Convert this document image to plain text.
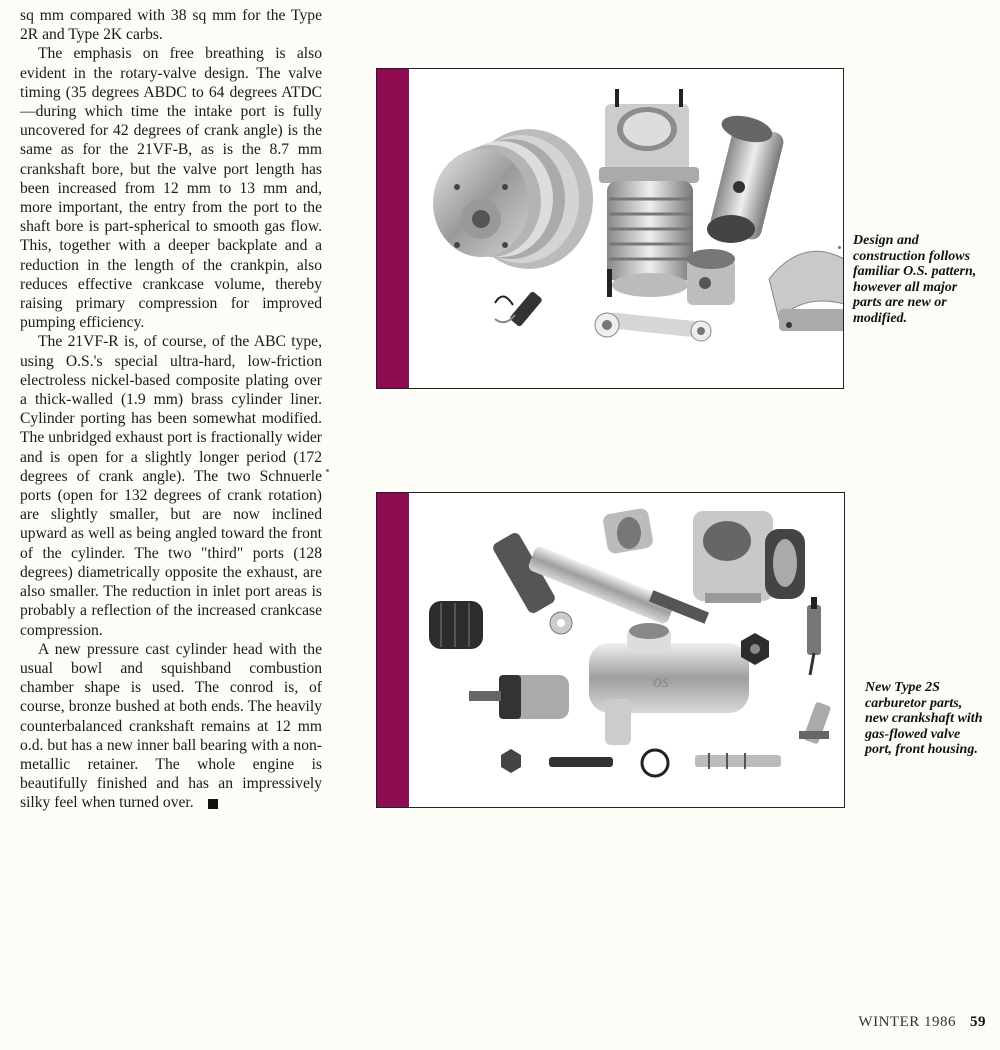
sq mm compared with 38 sq mm for the Type 2R and Type 2K carbs.

The emphasis on free breathing is also evident in the rotary-valve design. The valve timing (35 degrees ABDC to 64 degrees ATDC—during which time the intake port is fully uncovered for 42 degrees of crank angle) is the same as for the 21VF-B, as is the 8.7 mm crankshaft bore, but the valve port length has been increased from 12 mm to 13 mm and, more important, the entry from the port to the shaft bore is part-spherical to smooth gas flow. This, together with a deeper backplate and a reduction in the length of the crankpin, also reduces effective crankcase volume, thereby raising primary compression for improved pumping efficiency.

The 21VF-R is, of course, of the ABC type, using O.S.'s special ultra-hard, low-friction electroless nickel-based composite plating over a thick-walled (1.9 mm) brass cylinder liner. Cylinder porting has been somewhat modified. The unbridged exhaust port is fractionally wider and is open for a slightly longer period (172 degrees of crank angle). The two Schnuerle ports (open for 132 degrees of crank rotation) are slightly smaller, but are now inclined upward as well as being angled toward the front of the cylinder. The two "third" ports (128 degrees) diametrically opposite the exhaust, are also smaller. The reduction in inlet port areas is probably a reflection of the increased crankcase compression.

A new pressure cast cylinder head with the usual bowl and squishband combustion chamber shape is used. The conrod is, of course, bronze bushed at both ends. The heavily counterbalanced crankshaft remains at 12 mm o.d. but has a new inner ball bearing with a non-metallic retainer. The whole engine is beautifully finished and has an impressively silky feel when turned over.

Design and construction follows familiar O.S. pattern, however all major parts are new or modified.
os	New Type 2S carburetor parts, new crankshaft with gas-flowed valve port, front housing.
WINTER 1986 59
